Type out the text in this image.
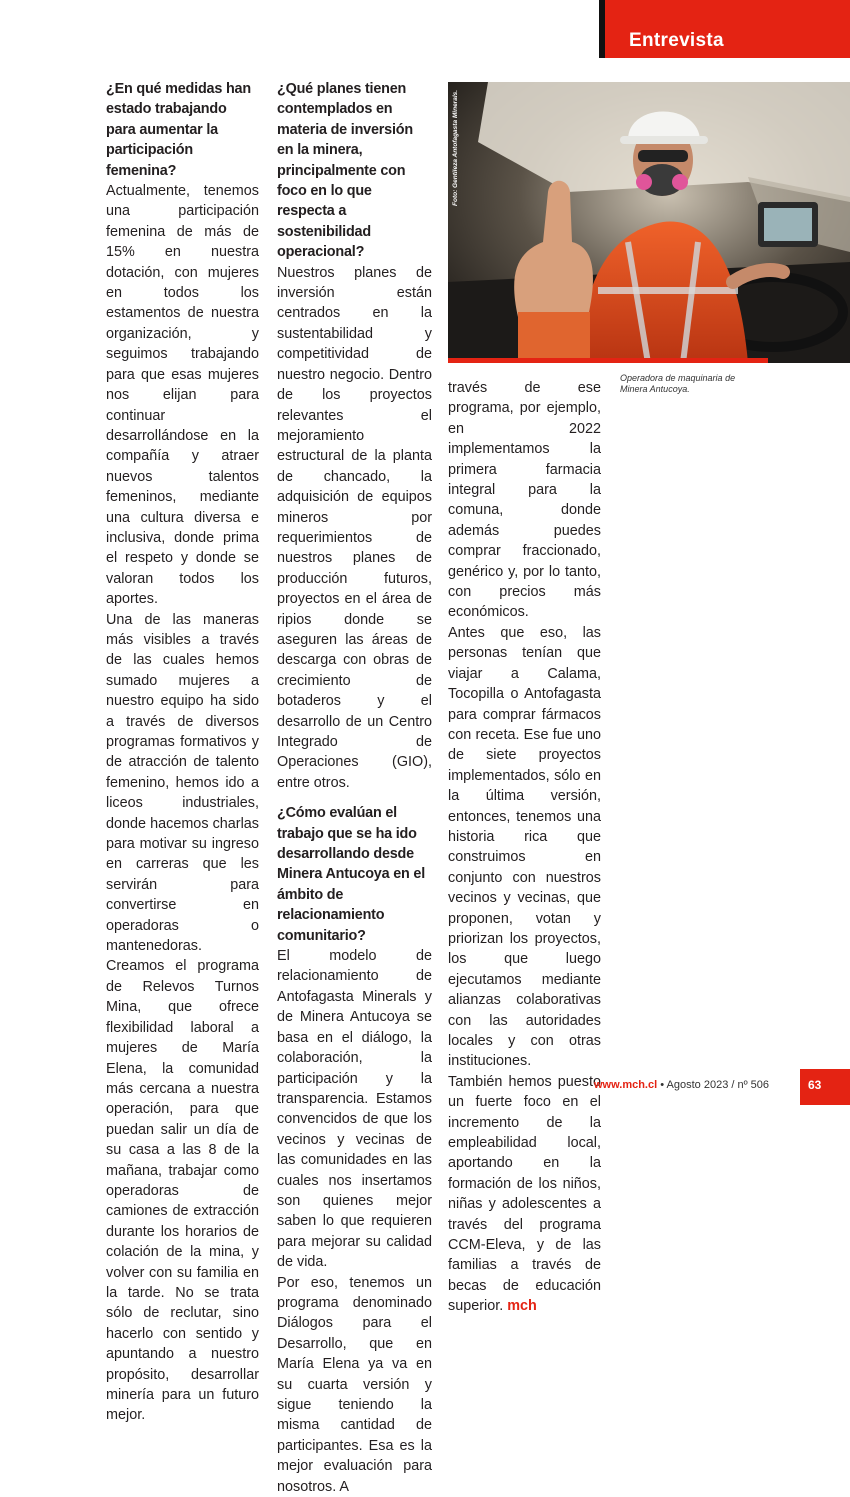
Entrevista

¿En qué medidas han estado trabajando para aumentar la participación femenina?

Actualmente, tenemos una participación femenina de más de 15% en nuestra dotación, con mujeres en todos los estamentos de nuestra organización, y seguimos trabajando para que esas mujeres nos elijan para continuar desarrollándose en la compañía y atraer nuevos talentos femeninos, mediante una cultura diversa e inclusiva, donde prima el respeto y donde se valoran todos los aportes.

Una de las maneras más visibles a través de las cuales hemos sumado mujeres a nuestro equipo ha sido a través de diversos programas formativos y de atracción de talento femenino, hemos ido a liceos industriales, donde hacemos charlas para motivar su ingreso en carreras que les servirán para convertirse en operadoras o mantenedoras.

Creamos el programa de Relevos Turnos Mina, que ofrece flexibilidad laboral a mujeres de María Elena, la comunidad más cercana a nuestra operación, para que puedan salir un día de su casa a las 8 de la mañana, trabajar como operadoras de camiones de extracción durante los horarios de colación de la mina, y volver con su familia en la tarde. No se trata sólo de reclutar, sino hacerlo con sentido y apuntando a nuestro propósito, desarrollar minería para un futuro mejor.

¿Qué planes tienen contemplados en materia de inversión en la minera, principalmente con foco en lo que respecta a sostenibilidad operacional?

Nuestros planes de inversión están centrados en la sustentabilidad y competitividad de nuestro negocio. Dentro de los proyectos relevantes el mejoramiento estructural de la planta de chancado, la adquisición de equipos mineros por requerimientos de nuestros planes de producción futuros, proyectos en el área de ripios donde se aseguren las áreas de descarga con obras de crecimiento de botaderos y el desarrollo de un Centro Integrado de Operaciones (GIO), entre otros.

¿Cómo evalúan el trabajo que se ha ido desarrollando desde Minera Antucoya en el ámbito de relacionamiento comunitario?

El modelo de relacionamiento de Antofagasta Minerals y de Minera Antucoya se basa en el diálogo, la colaboración, la participación y la transparencia. Estamos convencidos de que los vecinos y vecinas de las comunidades en las cuales nos insertamos son quienes mejor saben lo que requieren para mejorar su calidad de vida.

Por eso, tenemos un programa denominado Diálogos para el Desarrollo, que en María Elena ya va en su cuarta versión y sigue teniendo la misma cantidad de participantes. Esa es la mejor evaluación para nosotros. A

Foto: Gentileza Antofagasta Minerals.
Operadora de maquinaria de Minera Antucoya.

través de ese programa, por ejemplo, en 2022 implementamos la primera farmacia integral para la comuna, donde además puedes comprar fraccionado, genérico y, por lo tanto, con precios más económicos.

Antes que eso, las personas tenían que viajar a Calama, Tocopilla o Antofagasta para comprar fármacos con receta. Ese fue uno de siete proyectos implementados, sólo en la última versión, entonces, tenemos una historia rica que construimos en conjunto con nuestros vecinos y vecinas, que proponen, votan y priorizan los proyectos, los que luego ejecutamos mediante alianzas colaborativas con las autoridades locales y con otras instituciones.

También hemos puesto un fuerte foco en el incremento de la empleabilidad local, aportando en la formación de los niños, niñas y adolescentes a través del programa CCM-Eleva, y de las familias a través de becas de educación superior. mch

www.mch.cl • Agosto 2023 / nº 506	63
